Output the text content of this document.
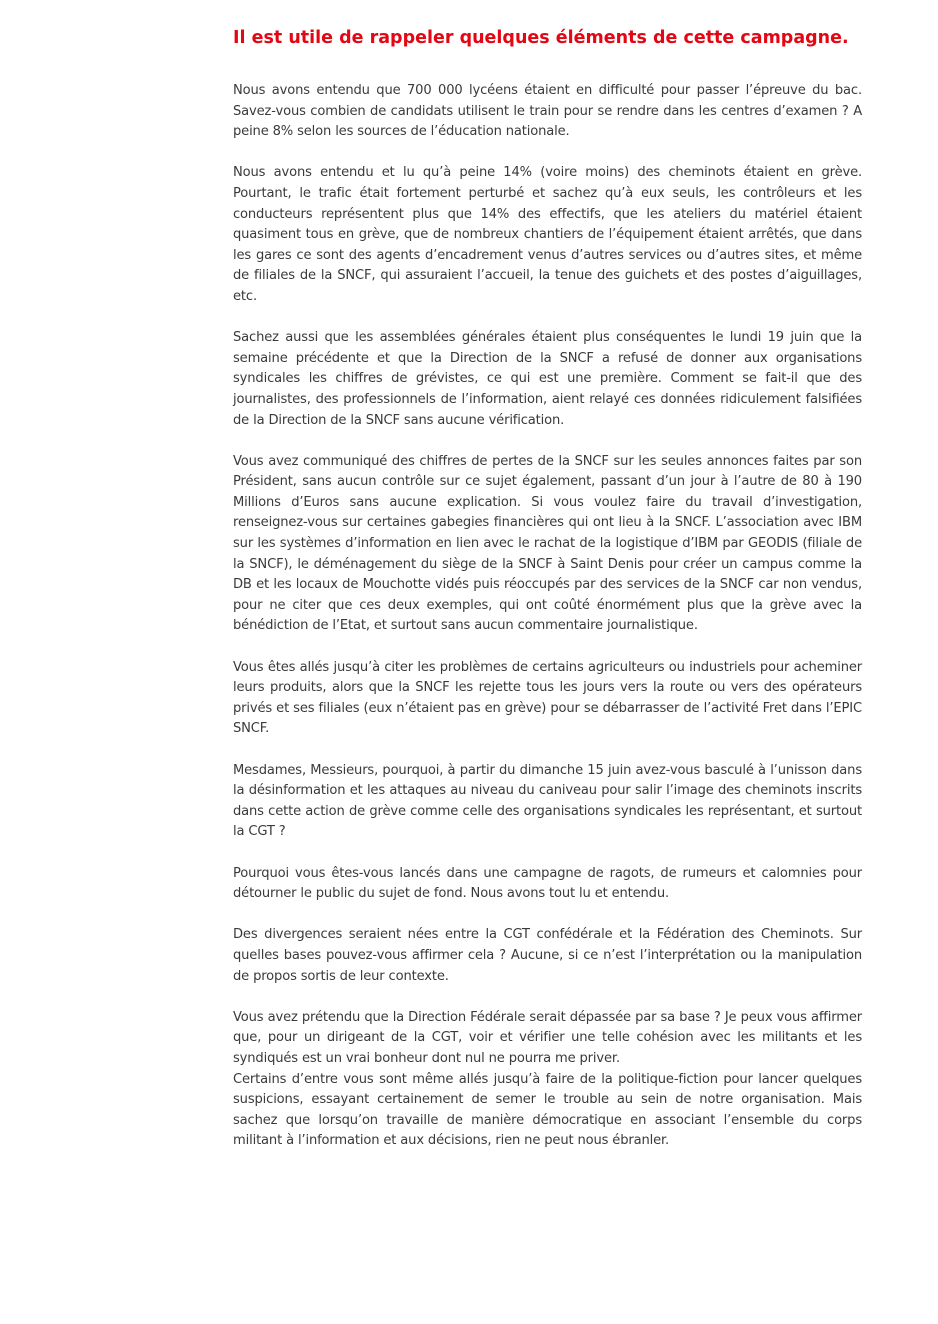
Il est utile de rappeler quelques éléments de cette campagne.

Nous avons entendu que 700 000 lycéens étaient en difficulté pour passer l’épreuve du bac. Savez-vous combien de candidats utilisent le train pour se rendre dans les centres d’examen ? A peine 8% selon les sources de l’éducation nationale.

Nous avons entendu et lu qu’à peine 14% (voire moins) des cheminots étaient en grève. Pourtant, le trafic était fortement perturbé et sachez qu’à eux seuls, les contrôleurs et les conducteurs représentent plus que 14% des effectifs, que les ateliers du matériel étaient quasiment tous en grève, que de nombreux chantiers de l’équipement étaient arrêtés, que dans les gares ce sont des agents d’encadrement venus d’autres services ou d’autres sites, et même de filiales de la SNCF, qui assuraient l’accueil, la tenue des guichets et des postes d’aiguillages, etc.

Sachez aussi que les assemblées générales étaient plus conséquentes le lundi 19 juin que la semaine précédente et que la Direction de la SNCF a refusé de donner aux organisations syndicales les chiffres de grévistes, ce qui est une première. Comment se fait-il que des journalistes, des professionnels de l’information, aient relayé ces données ridiculement falsifiées de la Direction de la SNCF sans aucune vérification.

Vous avez communiqué des chiffres de pertes de la SNCF sur les seules annonces faites par son Président, sans aucun contrôle sur ce sujet également, passant d’un jour à l’autre de 80 à 190 Millions d’Euros sans aucune explication. Si vous voulez faire du travail d’investigation, renseignez-vous sur certaines gabegies financières qui ont lieu à la SNCF. L’association avec IBM sur les systèmes d’information en lien avec le rachat de la logistique d’IBM par GEODIS (filiale de la SNCF), le déménagement du siège de la SNCF à Saint Denis pour créer un campus comme la DB et les locaux de Mouchotte vidés puis réoccupés par des services de la SNCF car non vendus, pour ne citer que ces deux exemples, qui ont coûté énormément plus que la grève avec la bénédiction de l’Etat, et surtout sans aucun commentaire journalistique.

Vous êtes allés jusqu’à citer les problèmes de certains agriculteurs ou industriels pour acheminer leurs produits, alors que la SNCF les rejette tous les jours vers la route ou vers des opérateurs privés et ses filiales (eux n’étaient pas en grève) pour se débarrasser de l’activité Fret dans l’EPIC SNCF.

Mesdames, Messieurs, pourquoi, à partir du dimanche 15 juin avez-vous basculé à l’unisson dans la désinformation et les attaques au niveau du caniveau pour salir l’image des cheminots inscrits dans cette action de grève comme celle des organisations syndicales les représentant, et surtout la CGT ?

Pourquoi vous êtes-vous lancés dans une campagne de ragots, de rumeurs et calomnies pour détourner le public du sujet de fond. Nous avons tout lu et entendu.

Des divergences seraient nées entre la CGT confédérale et la Fédération des Cheminots. Sur quelles bases pouvez-vous affirmer cela ? Aucune, si ce n’est l’interprétation ou la manipulation de propos sortis de leur contexte.

Vous avez prétendu que la Direction Fédérale serait dépassée par sa base ? Je peux vous affirmer que, pour un dirigeant de la CGT, voir et vérifier une telle cohésion avec les militants et les syndiqués est un vrai bonheur dont nul ne pourra me priver.

Certains d’entre vous sont même allés jusqu’à faire de la politique-fiction pour lancer quelques suspicions, essayant certainement de semer le trouble au sein de notre organisation. Mais sachez que lorsqu’on travaille de manière démocratique en associant l’ensemble du corps militant à l’information et aux décisions, rien ne peut nous ébranler.
